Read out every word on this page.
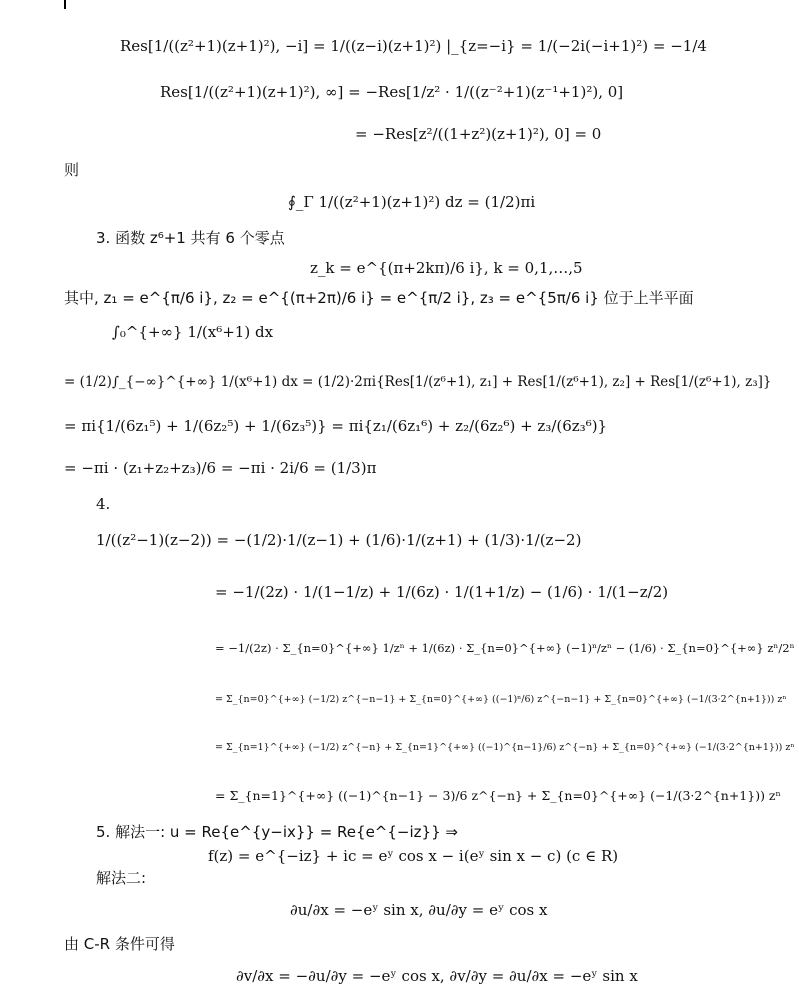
Res[1/((z²+1)(z+1)²), −i] = 1/((z−i)(z+1)²) |_{z=−i} = 1/(−2i(−i+1)²) = −1/4
Res[1/((z²+1)(z+1)²), ∞] = −Res[1/z² · 1/((z⁻²+1)(z⁻¹+1)²), 0]
= −Res[z²/((1+z²)(z+1)²), 0] = 0
则
∮_Γ 1/((z²+1)(z+1)²) dz = (1/2)πi
3. 函数 z⁶+1 共有 6 个零点
z_k = e^{(π+2kπ)/6 i}, k = 0,1,…,5
其中, z₁ = e^{π/6 i}, z₂ = e^{(π+2π)/6 i} = e^{π/2 i}, z₃ = e^{5π/6 i} 位于上半平面
∫₀^{+∞} 1/(x⁶+1) dx
= (1/2)∫_{−∞}^{+∞} 1/(x⁶+1) dx = (1/2)·2πi{Res[1/(z⁶+1), z₁] + Res[1/(z⁶+1), z₂] + Res[1/(z⁶+1), z₃]}
= πi{1/(6z₁⁵) + 1/(6z₂⁵) + 1/(6z₃⁵)} = πi{z₁/(6z₁⁶) + z₂/(6z₂⁶) + z₃/(6z₃⁶)}
= −πi · (z₁+z₂+z₃)/6 = −πi · 2i/6 = (1/3)π
4.
1/((z²−1)(z−2)) = −(1/2)·1/(z−1) + (1/6)·1/(z+1) + (1/3)·1/(z−2)
= −1/(2z) · 1/(1−1/z) + 1/(6z) · 1/(1+1/z) − (1/6) · 1/(1−z/2)
= −1/(2z) · Σ_{n=0}^{+∞} 1/zⁿ + 1/(6z) · Σ_{n=0}^{+∞} (−1)ⁿ/zⁿ − (1/6) · Σ_{n=0}^{+∞} zⁿ/2ⁿ
= Σ_{n=0}^{+∞} (−1/2) z^{−n−1} + Σ_{n=0}^{+∞} ((−1)ⁿ/6) z^{−n−1} + Σ_{n=0}^{+∞} (−1/(3·2^{n+1})) zⁿ
= Σ_{n=1}^{+∞} (−1/2) z^{−n} + Σ_{n=1}^{+∞} ((−1)^{n−1}/6) z^{−n} + Σ_{n=0}^{+∞} (−1/(3·2^{n+1})) zⁿ
= Σ_{n=1}^{+∞} ((−1)^{n−1} − 3)/6 z^{−n} + Σ_{n=0}^{+∞} (−1/(3·2^{n+1})) zⁿ
5. 解法一: u = Re{e^{y−ix}} = Re{e^{−iz}} ⇒
f(z) = e^{−iz} + ic = eʸ cos x − i(eʸ sin x − c) (c ∈ R)
解法二:
∂u/∂x = −eʸ sin x, ∂u/∂y = eʸ cos x
由 C-R 条件可得
∂v/∂x = −∂u/∂y = −eʸ cos x, ∂v/∂y = ∂u/∂x = −eʸ sin x
